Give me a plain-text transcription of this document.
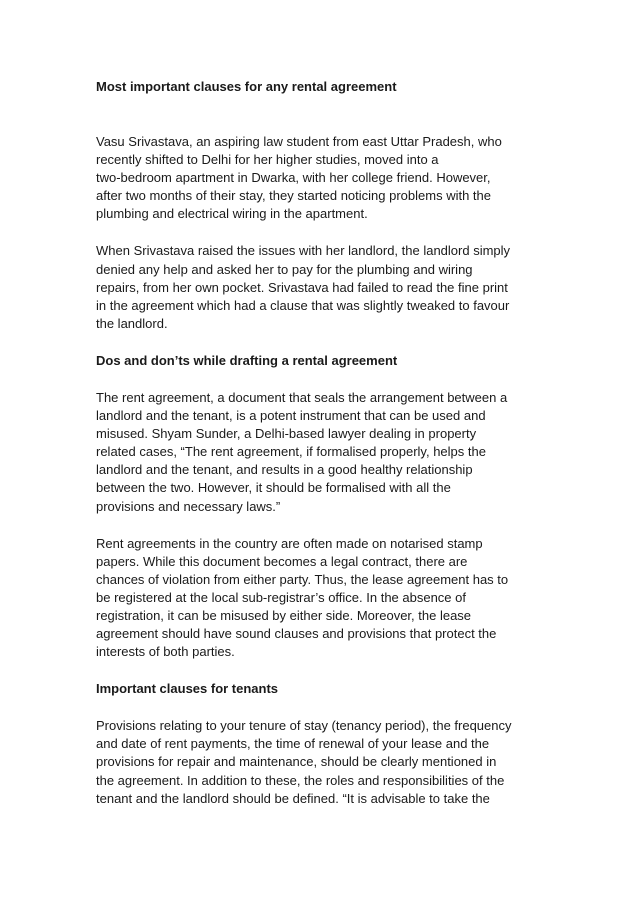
Most important clauses for any rental agreement

Vasu Srivastava, an aspiring law student from east Uttar Pradesh, who
recently shifted to Delhi for her higher studies, moved into a
two-bedroom apartment in Dwarka, with her college friend. However,
after two months of their stay, they started noticing problems with the
plumbing and electrical wiring in the apartment.

When Srivastava raised the issues with her landlord, the landlord simply
denied any help and asked her to pay for the plumbing and wiring
repairs, from her own pocket. Srivastava had failed to read the fine print
in the agreement which had a clause that was slightly tweaked to favour
the landlord.

Dos and don’ts while drafting a rental agreement

The rent agreement, a document that seals the arrangement between a
landlord and the tenant, is a potent instrument that can be used and
misused. Shyam Sunder, a Delhi-based lawyer dealing in property
related cases, “The rent agreement, if formalised properly, helps the
landlord and the tenant, and results in a good healthy relationship
between the two. However, it should be formalised with all the
provisions and necessary laws.”

Rent agreements in the country are often made on notarised stamp
papers. While this document becomes a legal contract, there are
chances of violation from either party. Thus, the lease agreement has to
be registered at the local sub-registrar’s office. In the absence of
registration, it can be misused by either side. Moreover, the lease
agreement should have sound clauses and provisions that protect the
interests of both parties.

Important clauses for tenants

Provisions relating to your tenure of stay (tenancy period), the frequency
and date of rent payments, the time of renewal of your lease and the
provisions for repair and maintenance, should be clearly mentioned in
the agreement. In addition to these, the roles and responsibilities of the
tenant and the landlord should be defined. “It is advisable to take the
